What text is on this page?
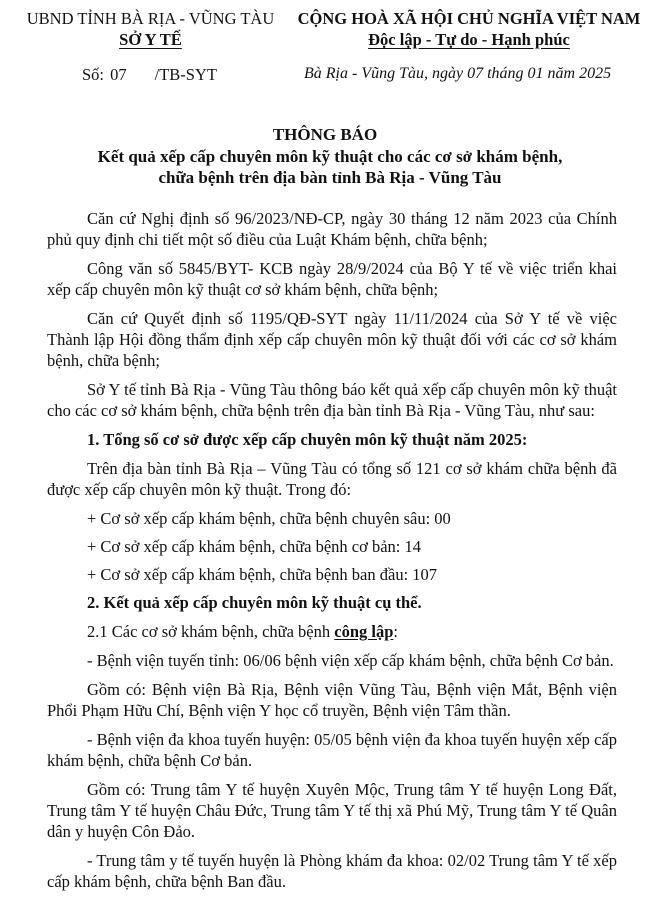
UBND TỈNH BÀ RỊA - VŨNG TÀU
SỞ Y TẾ
CỘNG HOÀ XÃ HỘI CHỦ NGHĨA VIỆT NAM
Độc lập - Tự do - Hạnh phúc
Số: 07 /TB-SYT	Bà Rịa - Vũng Tàu, ngày 07 tháng 01 năm 2025
THÔNG BÁO
Kết quả xếp cấp chuyên môn kỹ thuật cho các cơ sở khám bệnh, chữa bệnh trên địa bàn tỉnh Bà Rịa - Vũng Tàu

Căn cứ Nghị định số 96/2023/NĐ-CP, ngày 30 tháng 12 năm 2023 của Chính phủ quy định chi tiết một số điều của Luật Khám bệnh, chữa bệnh;

Công văn số 5845/BYT- KCB ngày 28/9/2024 của Bộ Y tế về việc triển khai xếp cấp chuyên môn kỹ thuật cơ sở khám bệnh, chữa bệnh;

Căn cứ Quyết định số 1195/QĐ-SYT ngày 11/11/2024 của Sở Y tế về việc Thành lập Hội đồng thẩm định xếp cấp chuyên môn kỹ thuật đối với các cơ sở khám bệnh, chữa bệnh;

Sở Y tế tỉnh Bà Rịa - Vũng Tàu thông báo kết quả xếp cấp chuyên môn kỹ thuật cho các cơ sở khám bệnh, chữa bệnh trên địa bàn tỉnh Bà Rịa - Vũng Tàu, như sau:

1. Tổng số cơ sở được xếp cấp chuyên môn kỹ thuật năm 2025:

Trên địa bàn tỉnh Bà Rịa – Vũng Tàu có tổng số 121 cơ sở khám chữa bệnh đã được xếp cấp chuyên môn kỹ thuật. Trong đó:

+ Cơ sở xếp cấp khám bệnh, chữa bệnh chuyên sâu: 00

+ Cơ sở xếp cấp khám bệnh, chữa bệnh cơ bản: 14

+ Cơ sở xếp cấp khám bệnh, chữa bệnh ban đầu: 107

2. Kết quả xếp cấp chuyên môn kỹ thuật cụ thể.

2.1 Các cơ sở khám bệnh, chữa bệnh công lập:

- Bệnh viện tuyến tỉnh: 06/06 bệnh viện xếp cấp khám bệnh, chữa bệnh Cơ bản.

Gồm có: Bệnh viện Bà Rịa, Bệnh viện Vũng Tàu, Bệnh viện Mắt, Bệnh viện Phổi Phạm Hữu Chí, Bệnh viện Y học cổ truyền, Bệnh viện Tâm thần.

- Bệnh viện đa khoa tuyến huyện: 05/05 bệnh viện đa khoa tuyến huyện xếp cấp khám bệnh, chữa bệnh Cơ bản.

Gồm có: Trung tâm Y tế huyện Xuyên Mộc, Trung tâm Y tế huyện Long Đất, Trung tâm Y tế huyện Châu Đức, Trung tâm Y tế thị xã Phú Mỹ, Trung tâm Y tế Quân dân y huyện Côn Đảo.

- Trung tâm y tế tuyến huyện là Phòng khám đa khoa: 02/02 Trung tâm Y tế xếp cấp khám bệnh, chữa bệnh Ban đầu.
